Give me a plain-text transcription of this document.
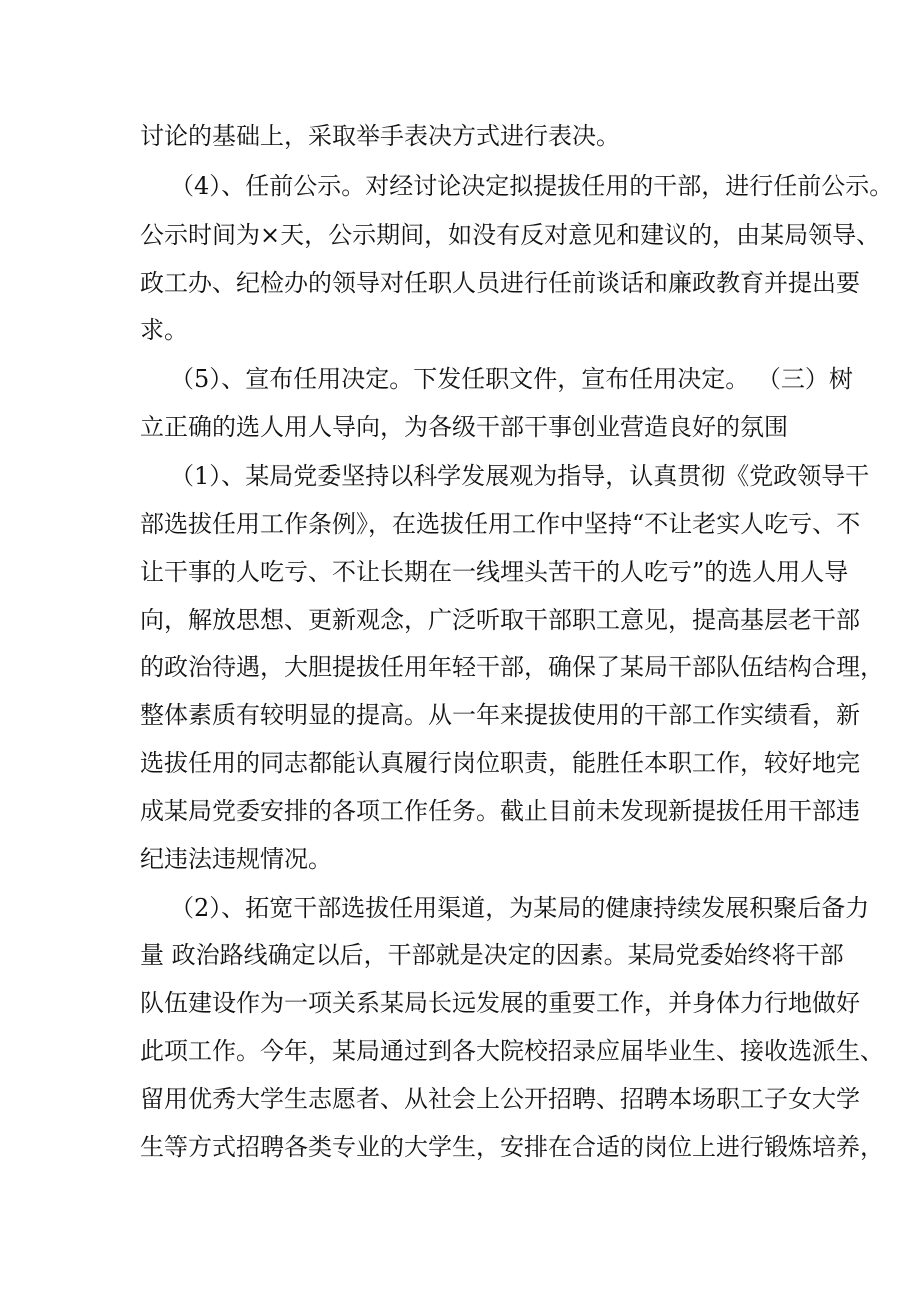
讨论的基础上，采取举手表决方式进行表决。
（4）、任前公示。对经讨论决定拟提拔任用的干部，进行任前公示。
公示时间为×天，公示期间，如没有反对意见和建议的，由某局领导、
政工办、纪检办的领导对任职人员进行任前谈话和廉政教育并提出要
求。
（5）、宣布任用决定。下发任职文件，宣布任用决定。 （三）树
立正确的选人用人导向，为各级干部干事创业营造良好的氛围
（1）、某局党委坚持以科学发展观为指导，认真贯彻《党政领导干
部选拔任用工作条例》，在选拔任用工作中坚持“不让老实人吃亏、不
让干事的人吃亏、不让长期在一线埋头苦干的人吃亏”的选人用人导
向，解放思想、更新观念，广泛听取干部职工意见，提高基层老干部
的政治待遇，大胆提拔任用年轻干部，确保了某局干部队伍结构合理，
整体素质有较明显的提高。从一年来提拔使用的干部工作实绩看，新
选拔任用的同志都能认真履行岗位职责，能胜任本职工作，较好地完
成某局党委安排的各项工作任务。截止目前未发现新提拔任用干部违
纪违法违规情况。
（2）、拓宽干部选拔任用渠道，为某局的健康持续发展积聚后备力
量 政治路线确定以后，干部就是决定的因素。某局党委始终将干部
队伍建设作为一项关系某局长远发展的重要工作，并身体力行地做好
此项工作。今年，某局通过到各大院校招录应届毕业生、接收选派生、
留用优秀大学生志愿者、从社会上公开招聘、招聘本场职工子女大学
生等方式招聘各类专业的大学生，安排在合适的岗位上进行锻炼培养，
